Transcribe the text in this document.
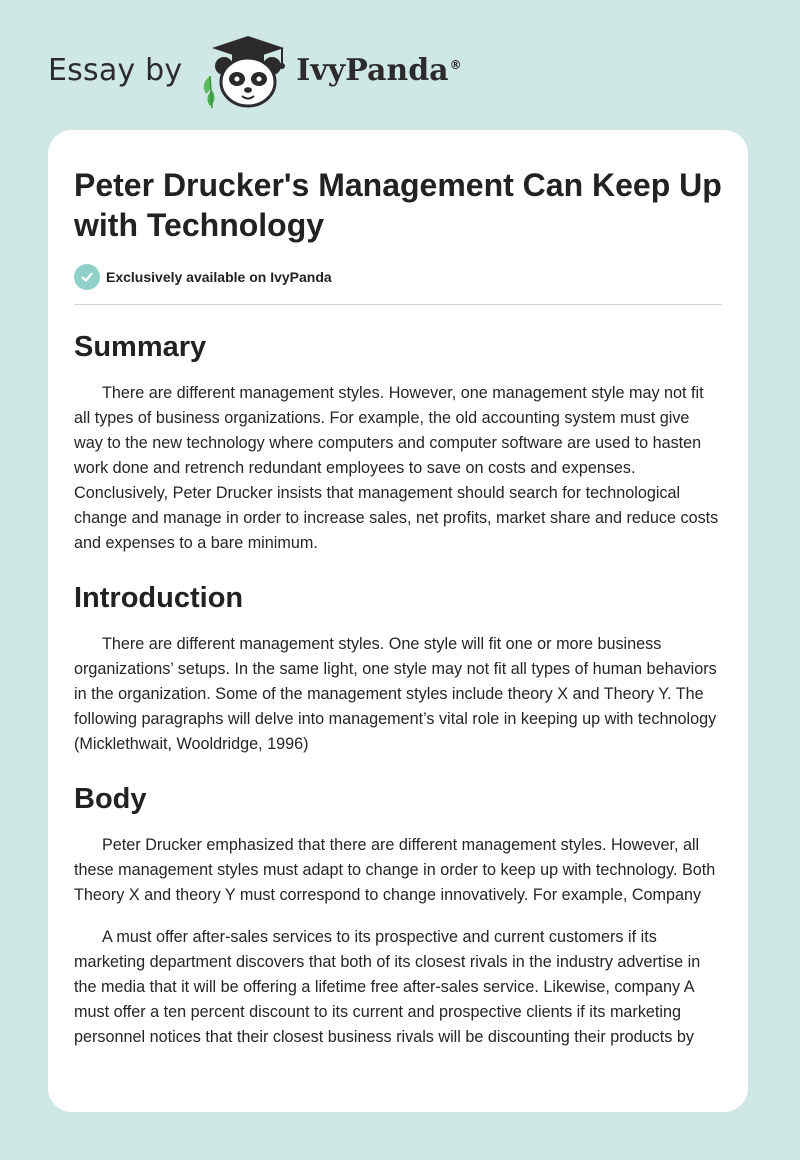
Essay by	IvyPanda®
Peter Drucker's Management Can Keep Up with Technology
Exclusively available on IvyPanda
Summary

There are different management styles. However, one management style may not fit all types of business organizations. For example, the old accounting system must give way to the new technology where computers and computer software are used to hasten work done and retrench redundant employees to save on costs and expenses. Conclusively, Peter Drucker insists that management should search for technological change and manage in order to increase sales, net profits, market share and reduce costs and expenses to a bare minimum.

Introduction

There are different management styles. One style will fit one or more business organizations’ setups. In the same light, one style may not fit all types of human behaviors in the organization. Some of the management styles include theory X and Theory Y. The following paragraphs will delve into management’s vital role in keeping up with technology (Micklethwait, Wooldridge, 1996)

Body

Peter Drucker emphasized that there are different management styles. However, all these management styles must adapt to change in order to keep up with technology. Both Theory X and theory Y must correspond to change innovatively. For example, Company

A must offer after-sales services to its prospective and current customers if its marketing department discovers that both of its closest rivals in the industry advertise in the media that it will be offering a lifetime free after-sales service. Likewise, company A must offer a ten percent discount to its current and prospective clients if its marketing personnel notices that their closest business rivals will be discounting their products by
